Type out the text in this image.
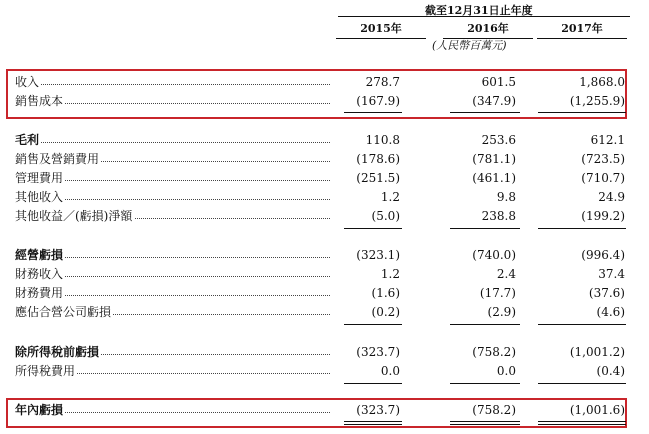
截至12月31日止年度
2015年	2016年	2017年
(人民幣百萬元)
收入	278.7	601.5	1,868.0
銷售成本	(167.9)	(347.9)	(1,255.9)
毛利	110.8	253.6	612.1
銷售及營銷費用	(178.6)	(781.1)	(723.5)
管理費用	(251.5)	(461.1)	(710.7)
其他收入	1.2	9.8	24.9
其他收益／(虧損)淨額	(5.0)	238.8	(199.2)
經營虧損	(323.1)	(740.0)	(996.4)
財務收入	1.2	2.4	37.4
財務費用	(1.6)	(17.7)	(37.6)
應佔合營公司虧損	(0.2)	(2.9)	(4.6)
除所得稅前虧損	(323.7)	(758.2)	(1,001.2)
所得稅費用	0.0	0.0	(0.4)
年內虧損	(323.7)	(758.2)	(1,001.6)
